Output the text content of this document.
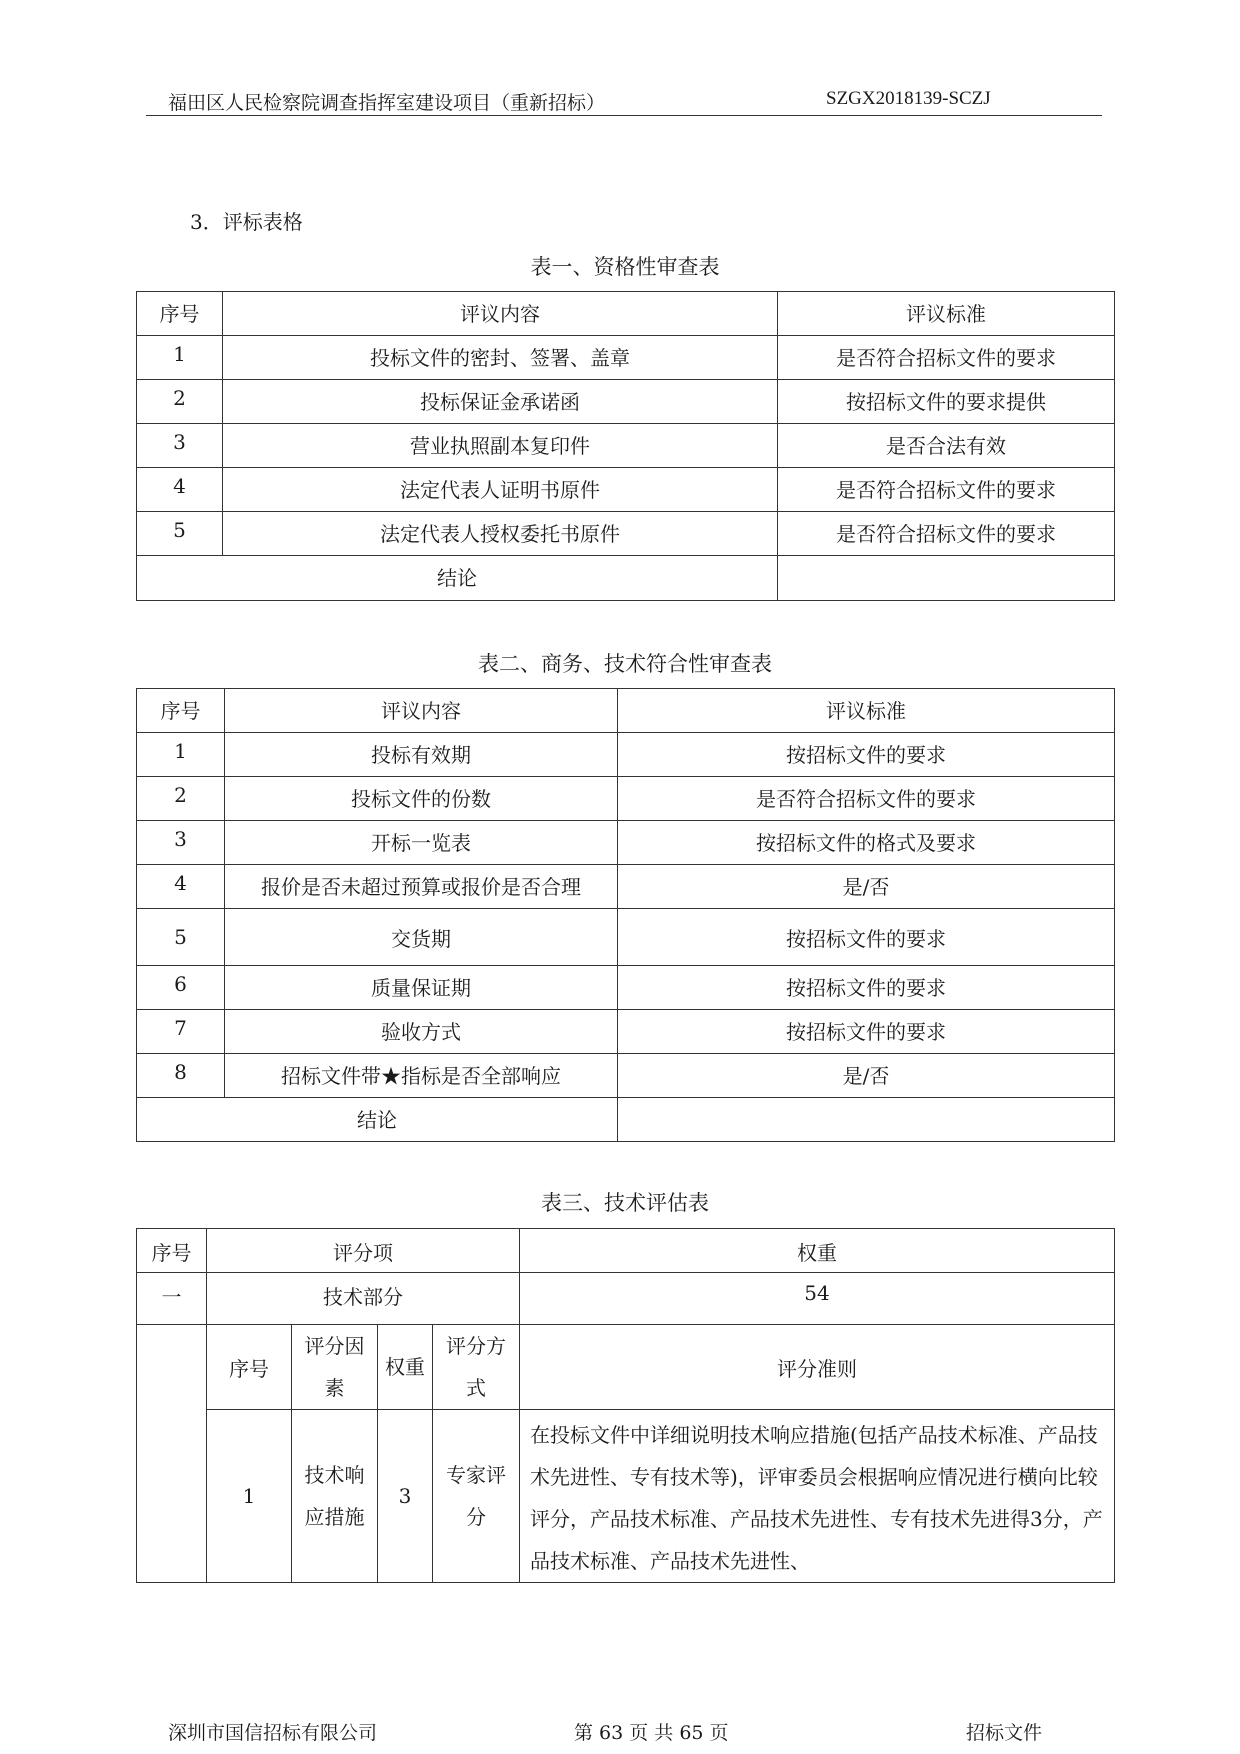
福田区人民检察院调查指挥室建设项目（重新招标）	SZGX2018139-SCZJ
3．评标表格
表一、资格性审查表
序号	评议内容	评议标准
1	投标文件的密封、签署、盖章	是否符合招标文件的要求
2	投标保证金承诺函	按招标文件的要求提供
3	营业执照副本复印件	是否合法有效
4	法定代表人证明书原件	是否符合招标文件的要求
5	法定代表人授权委托书原件	是否符合招标文件的要求
结论		
表二、商务、技术符合性审查表
序号	评议内容	评议标准
1	投标有效期	按招标文件的要求
2	投标文件的份数	是否符合招标文件的要求
3	开标一览表	按招标文件的格式及要求
4	报价是否未超过预算或报价是否合理	是/否
5	交货期	按招标文件的要求
6	质量保证期	按招标文件的要求
7	验收方式	按招标文件的要求
8	招标文件带★指标是否全部响应	是/否
结论		
表三、技术评估表
序号	评分项				权重
一	技术部分				54
	序号	评分因素	权重	评分方式	评分准则
	1	技术响应措施	3	专家评分	在投标文件中详细说明技术响应措施(包括产品技术标准、产品技术先进性、专有技术等)，评审委员会根据响应情况进行横向比较评分，产品技术标准、产品技术先进性、专有技术先进得3分，产品技术标准、产品技术先进性、
深圳市国信招标有限公司	第 63 页 共 65 页	招标文件
